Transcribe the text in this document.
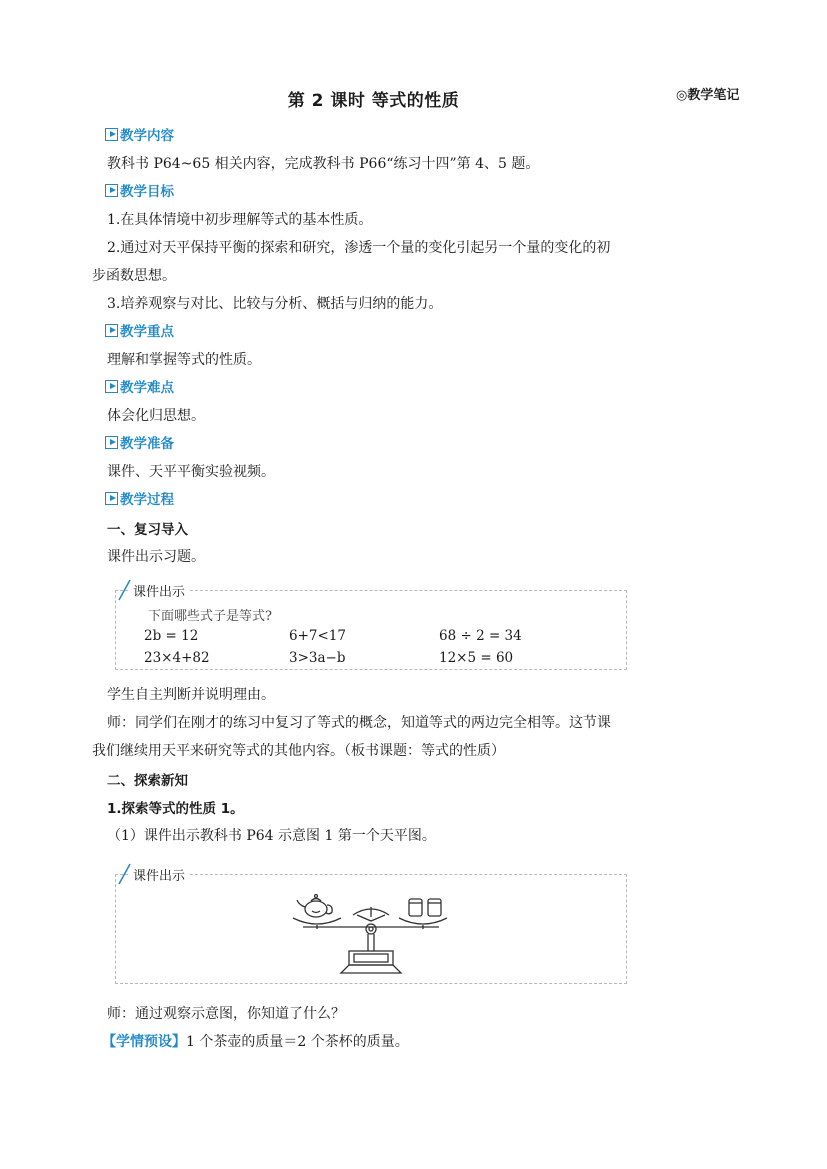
第 2 课时 等式的性质	◎教学笔记
教学内容
教科书 P64~65 相关内容，完成教科书 P66“练习十四”第 4、5 题。
教学目标
1.在具体情境中初步理解等式的基本性质。
2.通过对天平保持平衡的探索和研究，渗透一个量的变化引起另一个量的变化的初
步函数思想。
3.培养观察与对比、比较与分析、概括与归纳的能力。
教学重点
理解和掌握等式的性质。
教学难点
体会化归思想。
教学准备
课件、天平平衡实验视频。
教学过程
一、复习导入
课件出示习题。
课件出示
下面哪些式子是等式?
2b = 12	6+7<17	68 ÷ 2 = 34
23×4+82	3>3a−b	12×5 = 60
学生自主判断并说明理由。
师：同学们在刚才的练习中复习了等式的概念，知道等式的两边完全相等。这节课
我们继续用天平来研究等式的其他内容。（板书课题：等式的性质）
二、探索新知
1.探索等式的性质 1。
（1）课件出示教科书 P64 示意图 1 第一个天平图。
课件出示
师：通过观察示意图，你知道了什么？
【学情预设】1 个茶壶的质量＝2 个茶杯的质量。
